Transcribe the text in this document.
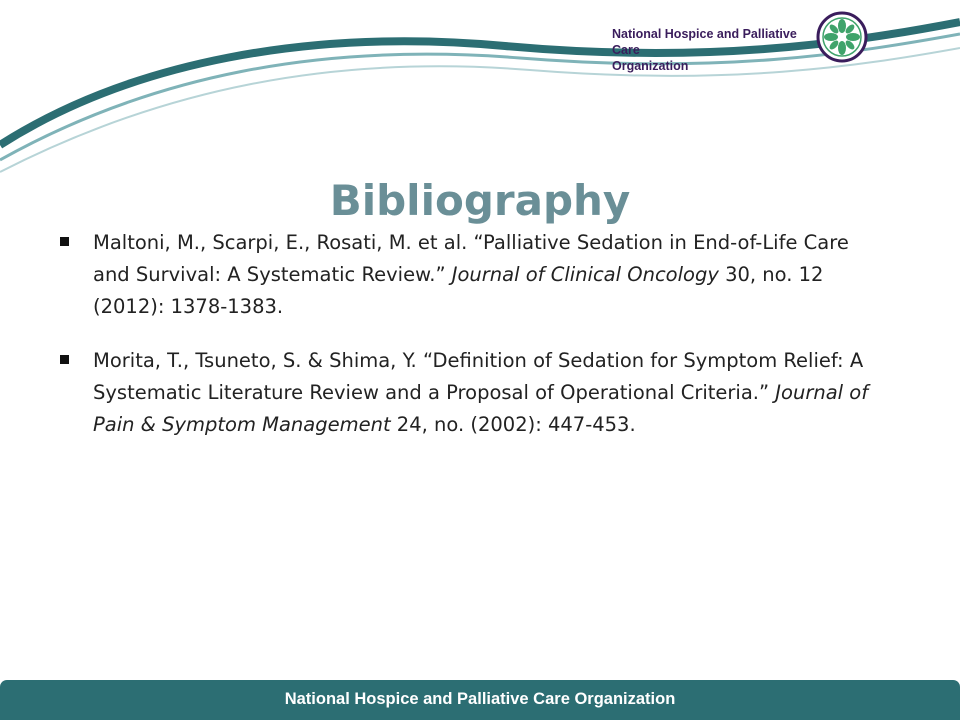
National Hospice and Palliative Care
Organization
Bibliography
Maltoni, M., Scarpi, E., Rosati, M. et al. “Palliative Sedation in End-of-Life Care and Survival: A Systematic Review.” Journal of Clinical Oncology 30, no. 12 (2012): 1378-1383.
Morita, T., Tsuneto, S. & Shima, Y. “Definition of Sedation for Symptom Relief: A Systematic Literature Review and a Proposal of Operational Criteria.” Journal of Pain & Symptom Management 24, no. (2002): 447-453.
National Hospice and Palliative Care Organization
